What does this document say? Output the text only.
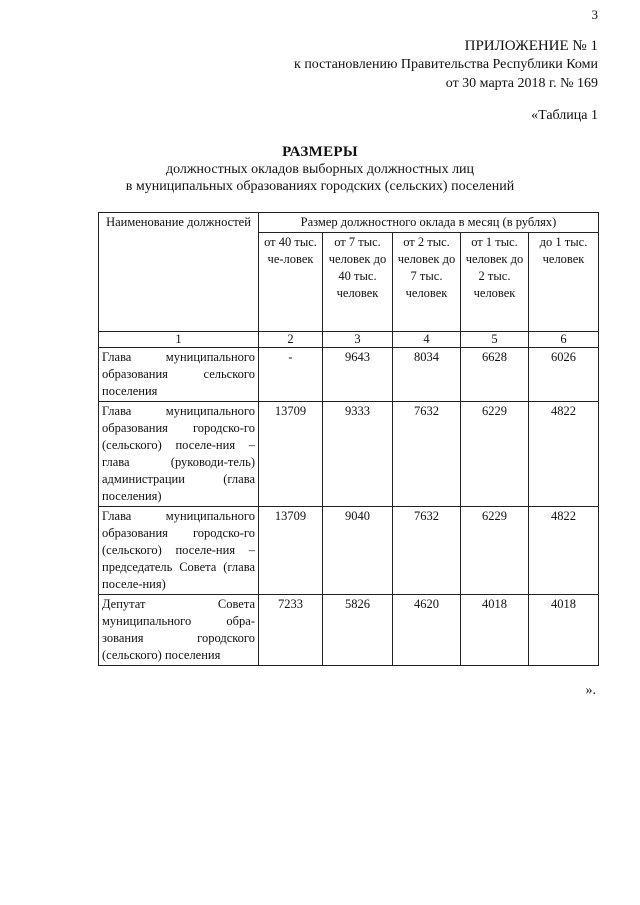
3
ПРИЛОЖЕНИЕ № 1
к постановлению Правительства Республики Коми
от 30 марта 2018 г. № 169
«Таблица 1
РАЗМЕРЫ
должностных окладов выборных должностных лиц
в муниципальных образованиях городских (сельских) поселений
Наименование должностей	Размер должностного оклада в месяц (в рублях)				
	от 40 тыс. че-ловек	от 7 тыс. человек до 40 тыс. человек	от 2 тыс. человек до 7 тыс. человек	от 1 тыс. человек до 2 тыс. человек	до 1 тыс. человек
1	2	3	4	5	6
Глава муниципального образования сельского поселения	-	9643	8034	6628	6026
Глава муниципального образования городско-го (сельского) поселе-ния – глава (руководи-тель) администрации (глава поселения)	13709	9333	7632	6229	4822
Глава муниципального образования городско-го (сельского) поселе-ния – председатель Совета (глава поселе-ния)	13709	9040	7632	6229	4822
Депутат Совета муниципального обра-зования городского (сельского) поселения	7233	5826	4620	4018	4018
».
